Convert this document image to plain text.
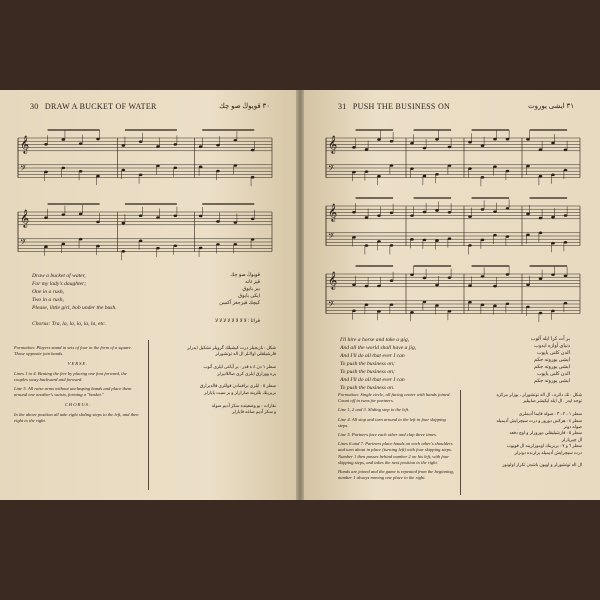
30 DRAW A BUCKET OF WATER	٣٠ قویوڭ صو چك
𝄞
𝄢
𝄞
𝄢
Draw a bucket of water,
For my lady's daughter;
One in a rush,
Two in a rush,
Please, little girl, bob under the bush.

Chorus: Tra, la, la, la, la, la, etc.
قویوڭ صو چك
قیز ئانه
بیر بایوق
ایکی بایوق
کیچك قیزجغز آکسن
قراتا : لا لا لا لا لا لا لا لا
Formation: Players stand in sets of four in the form of a square. Those opposite join hands.
VERSE.
Lines 1 to 4. Beating the feet by placing one foot forward, the couples sway backward and forward.
Line 5. All raise arms without unclasping hands and place them around one another's waists, forming a "basket."
CHORUS.
In the above position all take eight sliding steps to the left, and then eight to the right.
شکل : بازیجیلر درت کیشیلك گروپلر تشکیل ایدرلر
قارشیلقلی اولانلر ال اله توتشورلر

سطر ١ دن ٤ ه قدر : بر آیاغی ایلری آتوب
یره وورارق ایلری کری صاللانیرلر

سطر ٥ : ایلری برافمادن قوللری قالدیرارق
بربرینك بللرینه صارارلر و بر سبت یاپارلر

نقارات : بو وضعیتده سکز آدیم صوله
و سکز آدیم صاغه قایارلر
31 PUSH THE BUSINESS ON	٣١ ایشی یوروت
𝄞
𝄢
𝄞
𝄢
𝄞
𝄢
I'll hire a horse and take a gig,
And all the world shall have a jig,
And I'll do all that ever I can
To push the business on;
To push the business on;
And I'll do all that ever I can
To push the business on.
بر آت کرا ایله آلوب
دنیای آوازه ایدوب
الدن کلنی یاپوب
ایشی یوروته جکم
ایشی یوروته جکم
الدن کلنی یاپوب
ایشی یوروته جکم
Formation: Single circle, all facing center with hands joined. Count off in twos for partners.
Line 1, 2 and 3. Sliding step to the left.
Line 4. All stop and turn around to the left in four skipping steps.
Line 5. Partners face each other and clap three times.
Lines 6 and 7. Partners place hands on each other's shoulders and turn about in place (turning left) with four skipping steps. Number 1 then passes behind number 2 on his left, with four skipping steps, and takes the next position to the right.
Hands are joined and the game is repeated from the beginning, number 1 always moving one place to the right.
شکل : تك دائره ، ال اله توتشورلر ، یوزلر مرکزه
توجه ایدر . ال ایله ایکیشر صاییلیر

سطر ١ ، ٢ ، ٣ : صوله قایما آدیملری
سطر ٤ : هرکس دورور و درت سیچرایش آدیمیله
صوله دونر
سطر ٥ : قارشیلیقلی دورورلر و اوچ دفعه
ال چیرپارلر
سطر ٦ و ٧ : بربرینك اوموزلرینه ال قویوب
درت سیچرایش آدیمیله یرلرنده دونرلر

ال اله توتشورلر و اویون باشدن تکرار اولونور
